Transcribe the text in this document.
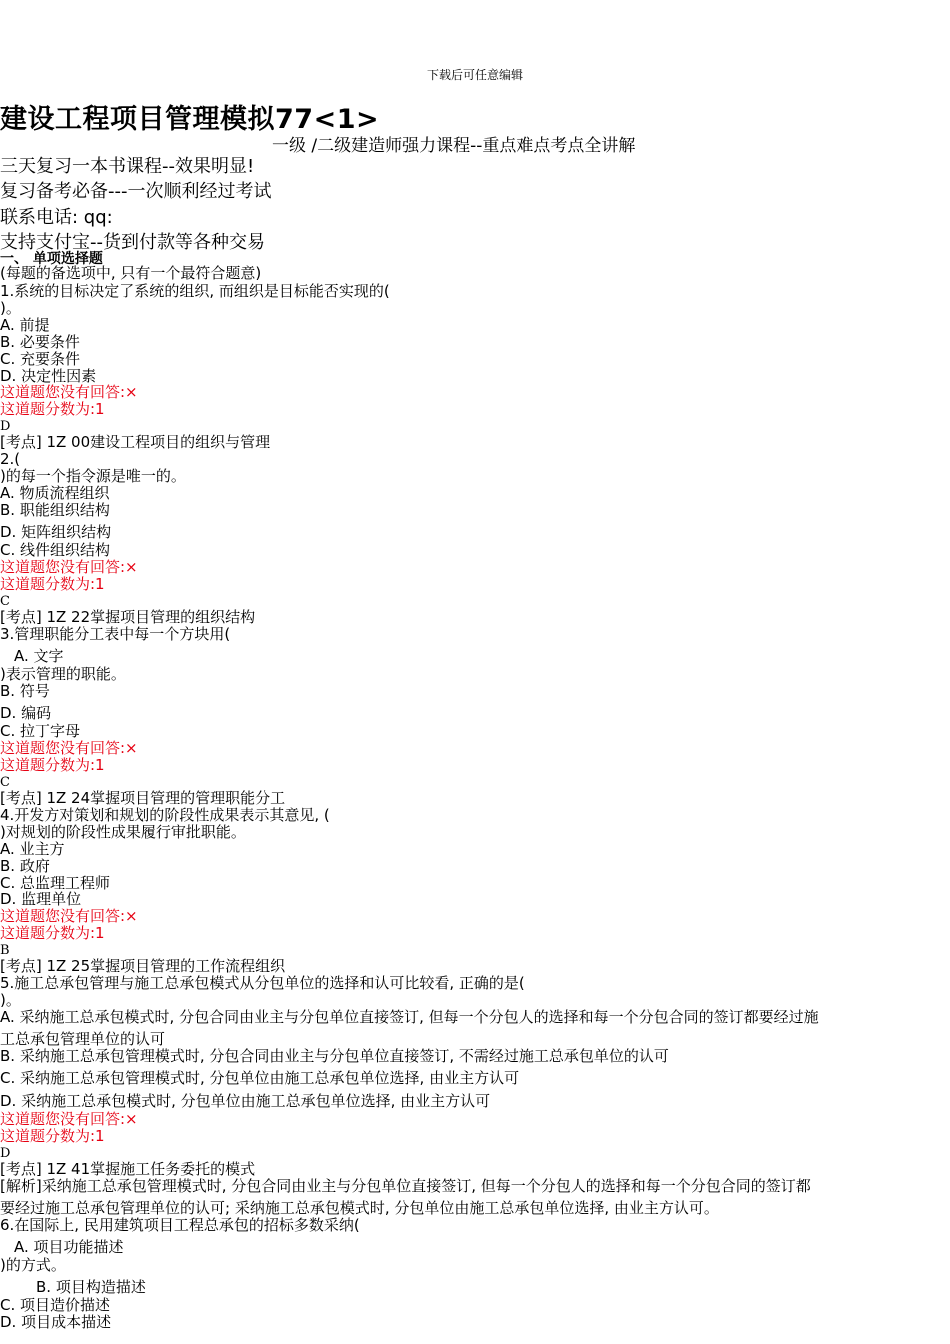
下载后可任意编辑
建设工程项目管理模拟77<1>
一级 /二级建造师强力课程--重点难点考点全讲解
三天复习一本书课程--效果明显!
复习备考必备---一次顺利经过考试
联系电话: qq:
支持支付宝--货到付款等各种交易
一、 单项选择题
(每题的备选项中, 只有一个最符合题意)
1.系统的目标决定了系统的组织, 而组织是目标能否实现的(
)。
A. 前提
B. 必要条件
C. 充要条件
D. 决定性因素
这道题您没有回答:×
这道题分数为:1
D
[考点] 1Z 00建设工程项目的组织与管理
2.(
)的每一个指令源是唯一的。
A. 物质流程组织
B. 职能组织结构
D. 矩阵组织结构
C. 线件组织结构
这道题您没有回答:×
这道题分数为:1
C
[考点] 1Z 22掌握项目管理的组织结构
3.管理职能分工表中每一个方块用(
A. 文字
)表示管理的职能。
B. 符号
D. 编码
C. 拉丁字母
这道题您没有回答:×
这道题分数为:1
C
[考点] 1Z 24掌握项目管理的管理职能分工
4.开发方对策划和规划的阶段性成果表示其意见, (
)对规划的阶段性成果履行审批职能。
A. 业主方
B. 政府
C. 总监理工程师
D. 监理单位
这道题您没有回答:×
这道题分数为:1
B
[考点] 1Z 25掌握项目管理的工作流程组织
5.施工总承包管理与施工总承包模式从分包单位的选择和认可比较看, 正确的是(
)。
A. 采纳施工总承包模式时, 分包合同由业主与分包单位直接签订, 但每一个分包人的选择和每一个分包合同的签订都要经过施
工总承包管理单位的认可
B. 采纳施工总承包管理模式时, 分包合同由业主与分包单位直接签订, 不需经过施工总承包单位的认可
C. 采纳施工总承包管理模式时, 分包单位由施工总承包单位选择, 由业主方认可
D. 采纳施工总承包模式时, 分包单位由施工总承包单位选择, 由业主方认可
这道题您没有回答:×
这道题分数为:1
D
[考点] 1Z 41掌握施工任务委托的模式
[解析]采纳施工总承包管理模式时, 分包合同由业主与分包单位直接签订, 但每一个分包人的选择和每一个分包合同的签订都
要经过施工总承包管理单位的认可; 采纳施工总承包模式时, 分包单位由施工总承包单位选择, 由业主方认可。
6.在国际上, 民用建筑项目工程总承包的招标多数采纳(
A. 项目功能描述
)的方式。
B. 项目构造描述
C. 项目造价描述
D. 项目成本描述
